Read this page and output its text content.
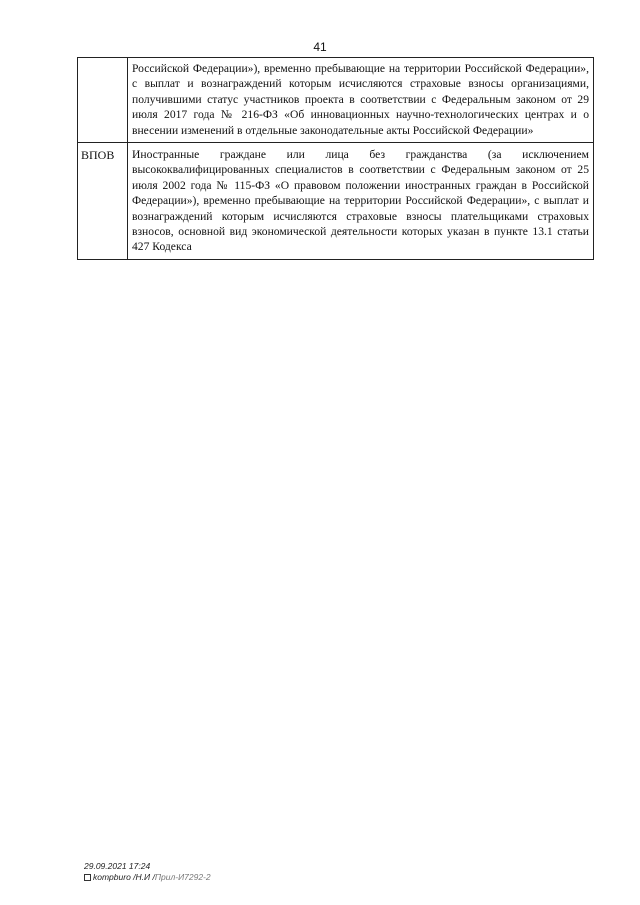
41
	Российской Федерации»), временно пребывающие на территории Российской Федерации», с выплат и вознаграждений которым исчисляются страховые взносы организациями, получившими статус участников проекта в соответствии с Федеральным законом от 29 июля 2017 года № 216-ФЗ «Об инновационных научно-технологических центрах и о внесении изменений в отдельные законодательные акты Российской Федерации»
ВПОВ	Иностранные граждане или лица без гражданства (за исключением высококвалифицированных специалистов в соответствии с Федеральным законом от 25 июля 2002 года № 115-ФЗ «О правовом положении иностранных граждан в Российской Федерации»), временно пребывающие на территории Российской Федерации», с выплат и вознаграждений которым исчисляются страховые взносы плательщиками страховых взносов, основной вид экономической деятельности которых указан в пункте 13.1 статьи 427 Кодекса
29.09.2021 17:24
kompburo /Н.И /Прил-И7292-2
